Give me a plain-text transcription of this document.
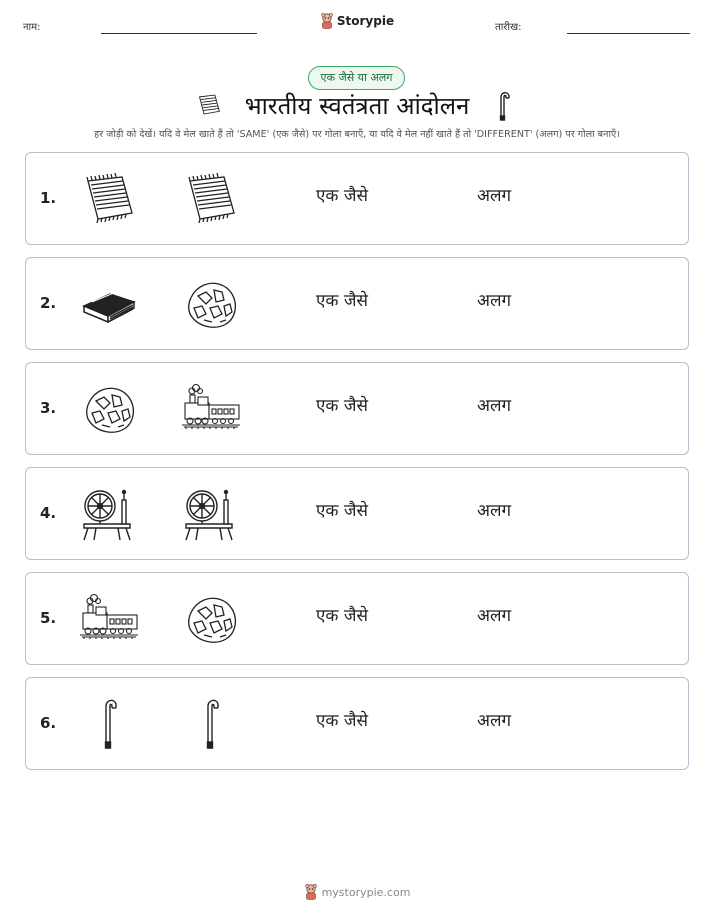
नाम:	Storypie	तारीख:
एक जैसे या अलग
भारतीय स्वतंत्रता आंदोलन
हर जोड़ी को देखें। यदि वे मेल खाते हैं तो 'SAME' (एक जैसे) पर गोला बनाएँ, या यदि वे मेल नहीं खाते हैं तो 'DIFFERENT' (अलग) पर गोला बनाएँ।
1.	एक जैसे	अलग
2.	एक जैसे	अलग
3.	एक जैसे	अलग
4.	एक जैसे	अलग
5.	एक जैसे	अलग
6.	एक जैसे	अलग
mystorypie.com
